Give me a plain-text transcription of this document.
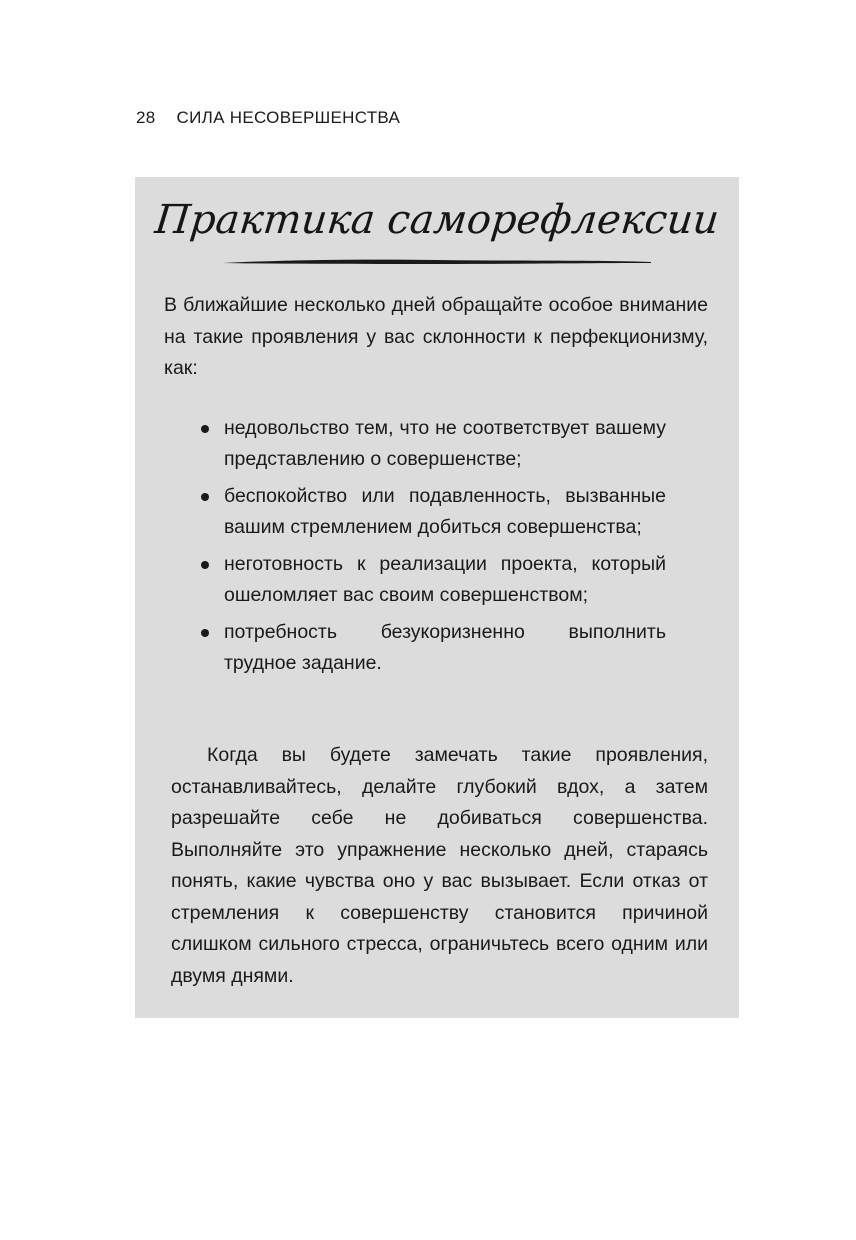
28 СИЛА НЕСОВЕРШЕНСТВА
Практика саморефлексии

В ближайшие несколько дней обращайте особое внимание на такие проявления у вас склонности к перфекционизму, как:

недовольство тем, что не соответствует вашему представлению о совершенстве;
беспокойство или подавленность, вызванные вашим стремлением добиться совершенства;
неготовность к реализации проекта, который ошеломляет вас своим совершенством;
потребность безукоризненно выполнить трудное задание.

Когда вы будете замечать такие проявления, останавливайтесь, делайте глубокий вдох, а затем разрешайте себе не добиваться совершенства. Выполняйте это упражнение несколько дней, стараясь понять, какие чувства оно у вас вызывает. Если отказ от стремления к совершенству становится причиной слишком сильного стресса, ограничьтесь всего одним или двумя днями.
